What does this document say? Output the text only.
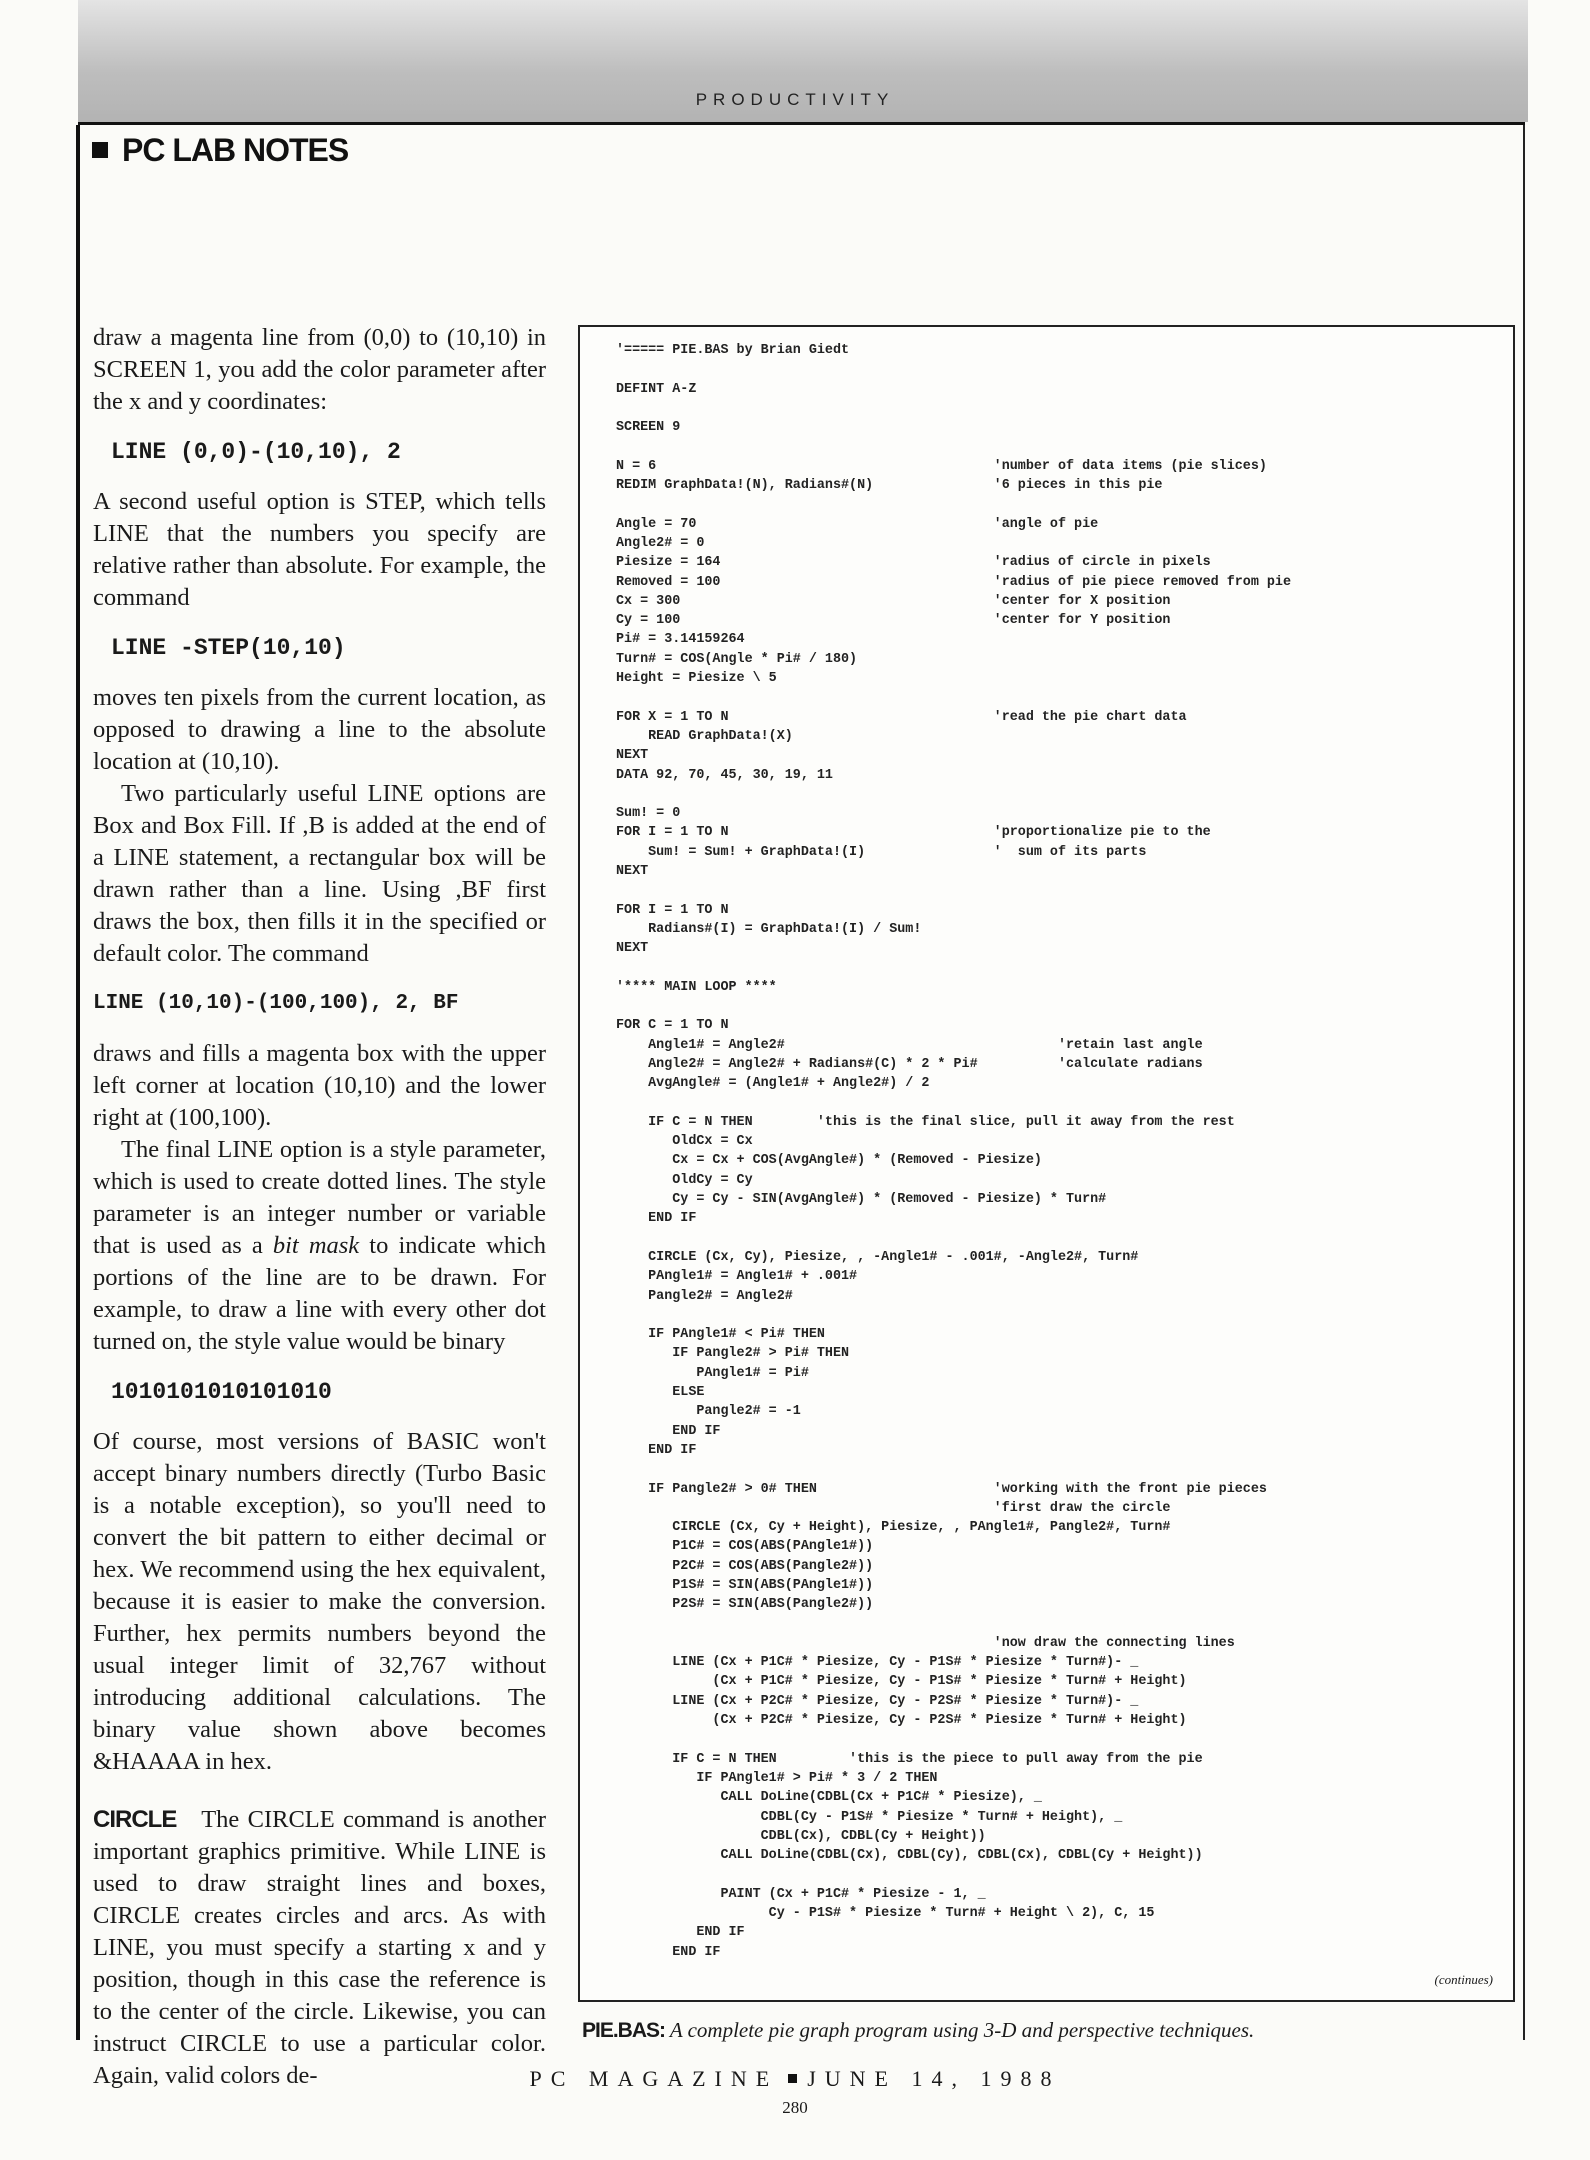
PRODUCTIVITY
PC LAB NOTES

draw a magenta line from (0,0) to (10,10) in SCREEN 1, you add the color parameter after the x and y coordinates:

LINE (0,0)-(10,10), 2

A second useful option is STEP, which tells LINE that the numbers you specify are relative rather than absolute. For example, the command

LINE -STEP(10,10)

moves ten pixels from the current location, as opposed to drawing a line to the absolute location at (10,10).

Two particularly useful LINE options are Box and Box Fill. If ,B is added at the end of a LINE statement, a rectangular box will be drawn rather than a line. Using ,BF first draws the box, then fills it in the specified or default color. The command

LINE (10,10)-(100,100), 2, BF

draws and fills a magenta box with the upper left corner at location (10,10) and the lower right at (100,100).

The final LINE option is a style parameter, which is used to create dotted lines. The style parameter is an integer number or variable that is used as a bit mask to indicate which portions of the line are to be drawn. For example, to draw a line with every other dot turned on, the style value would be binary

1010101010101010

Of course, most versions of BASIC won't accept binary numbers directly (Turbo Basic is a notable exception), so you'll need to convert the bit pattern to either decimal or hex. We recommend using the hex equivalent, because it is easier to make the conversion. Further, hex permits numbers beyond the usual integer limit of 32,767 without introducing additional calculations. The binary value shown above becomes &HAAAA in hex.

CIRCLE The CIRCLE command is another important graphics primitive. While LINE is used to draw straight lines and boxes, CIRCLE creates circles and arcs. As with LINE, you must specify a starting x and y position, though in this case the reference is to the center of the circle. Likewise, you can instruct CIRCLE to use a particular color. Again, valid colors de-

'===== PIE.BAS by Brian Giedt

DEFINT A-Z

SCREEN 9

N = 6                                          'number of data items (pie slices)
REDIM GraphData!(N), Radians#(N)               '6 pieces in this pie

Angle = 70                                     'angle of pie
Angle2# = 0
Piesize = 164                                  'radius of circle in pixels
Removed = 100                                  'radius of pie piece removed from pie
Cx = 300                                       'center for X position
Cy = 100                                       'center for Y position
Pi# = 3.14159264
Turn# = COS(Angle * Pi# / 180)
Height = Piesize \ 5

FOR X = 1 TO N                                 'read the pie chart data
READ GraphData!(X)
NEXT
DATA 92, 70, 45, 30, 19, 11

Sum! = 0
FOR I = 1 TO N                                 'proportionalize pie to the
Sum! = Sum! + GraphData!(I)                '  sum of its parts
NEXT

FOR I = 1 TO N
Radians#(I) = GraphData!(I) / Sum!
NEXT

'**** MAIN LOOP ****

FOR C = 1 TO N
Angle1# = Angle2#                                  'retain last angle
Angle2# = Angle2# + Radians#(C) * 2 * Pi#          'calculate radians
AvgAngle# = (Angle1# + Angle2#) / 2

IF C = N THEN        'this is the final slice, pull it away from the rest
OldCx = Cx
Cx = Cx + COS(AvgAngle#) * (Removed - Piesize)
OldCy = Cy
Cy = Cy - SIN(AvgAngle#) * (Removed - Piesize) * Turn#
END IF

CIRCLE (Cx, Cy), Piesize, , -Angle1# - .001#, -Angle2#, Turn#
PAngle1# = Angle1# + .001#
Pangle2# = Angle2#

IF PAngle1# < Pi# THEN
IF Pangle2# > Pi# THEN
PAngle1# = Pi#
ELSE
Pangle2# = -1
END IF
END IF

IF Pangle2# > 0# THEN                      'working with the front pie pieces
'first draw the circle
CIRCLE (Cx, Cy + Height), Piesize, , PAngle1#, Pangle2#, Turn#
P1C# = COS(ABS(PAngle1#))
P2C# = COS(ABS(Pangle2#))
P1S# = SIN(ABS(PAngle1#))
P2S# = SIN(ABS(Pangle2#))

'now draw the connecting lines
LINE (Cx + P1C# * Piesize, Cy - P1S# * Piesize * Turn#)- _
(Cx + P1C# * Piesize, Cy - P1S# * Piesize * Turn# + Height)
LINE (Cx + P2C# * Piesize, Cy - P2S# * Piesize * Turn#)- _
(Cx + P2C# * Piesize, Cy - P2S# * Piesize * Turn# + Height)

IF C = N THEN         'this is the piece to pull away from the pie
IF PAngle1# > Pi# * 3 / 2 THEN
CALL DoLine(CDBL(Cx + P1C# * Piesize), _
CDBL(Cy - P1S# * Piesize * Turn# + Height), _
CDBL(Cx), CDBL(Cy + Height))
CALL DoLine(CDBL(Cx), CDBL(Cy), CDBL(Cx), CDBL(Cy + Height))

PAINT (Cx + P1C# * Piesize - 1, _
Cy - P1S# * Piesize * Turn# + Height \ 2), C, 15
END IF
END IF
(continues)
PIE.BAS: A complete pie graph program using 3-D and perspective techniques.
PC MAGAZINE JUNE 14, 1988
280
